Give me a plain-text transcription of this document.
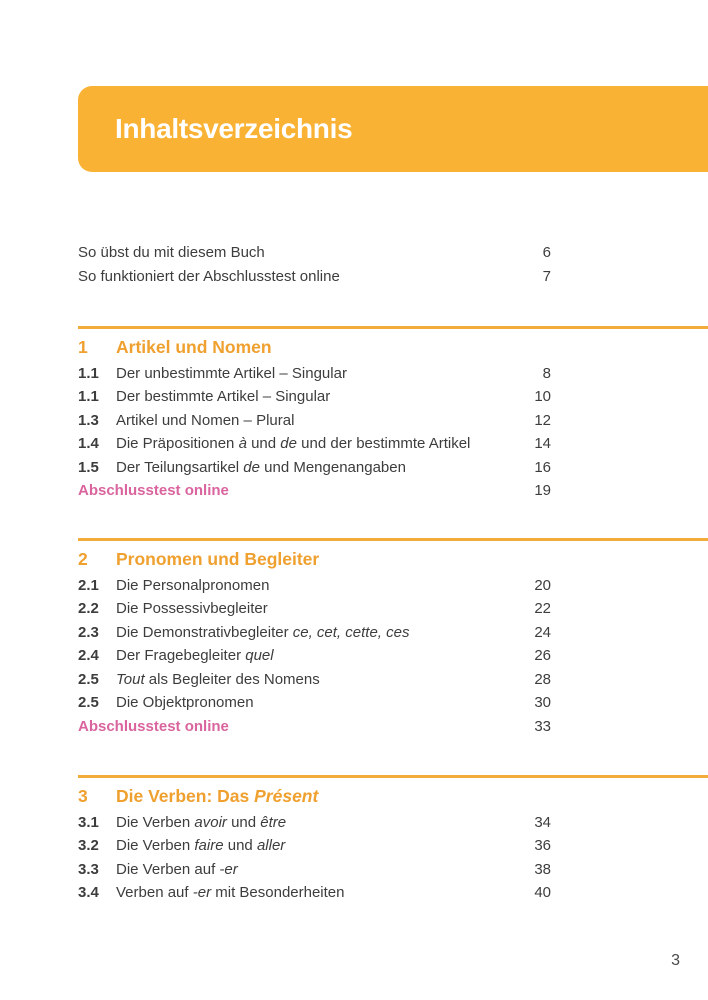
Inhaltsverzeichnis
So übst du mit diesem Buch	6
So funktioniert der Abschlusstest online	7
1	Artikel und Nomen
1.1	Der unbestimmte Artikel – Singular	8
1.1	Der bestimmte Artikel – Singular	10
1.3	Artikel und Nomen – Plural	12
1.4	Die Präpositionen à und de und der bestimmte Artikel	14
1.5	Der Teilungsartikel de und Mengenangaben	16
Abschlusstest online	19
2	Pronomen und Begleiter
2.1	Die Personalpronomen	20
2.2	Die Possessivbegleiter	22
2.3	Die Demonstrativbegleiter ce, cet, cette, ces	24
2.4	Der Fragebegleiter quel	26
2.5	Tout als Begleiter des Nomens	28
2.5	Die Objektpronomen	30
Abschlusstest online	33
3	Die Verben: Das Présent
3.1	Die Verben avoir und être	34
3.2	Die Verben faire und aller	36
3.3	Die Verben auf -er	38
3.4	Verben auf -er mit Besonderheiten	40
3
